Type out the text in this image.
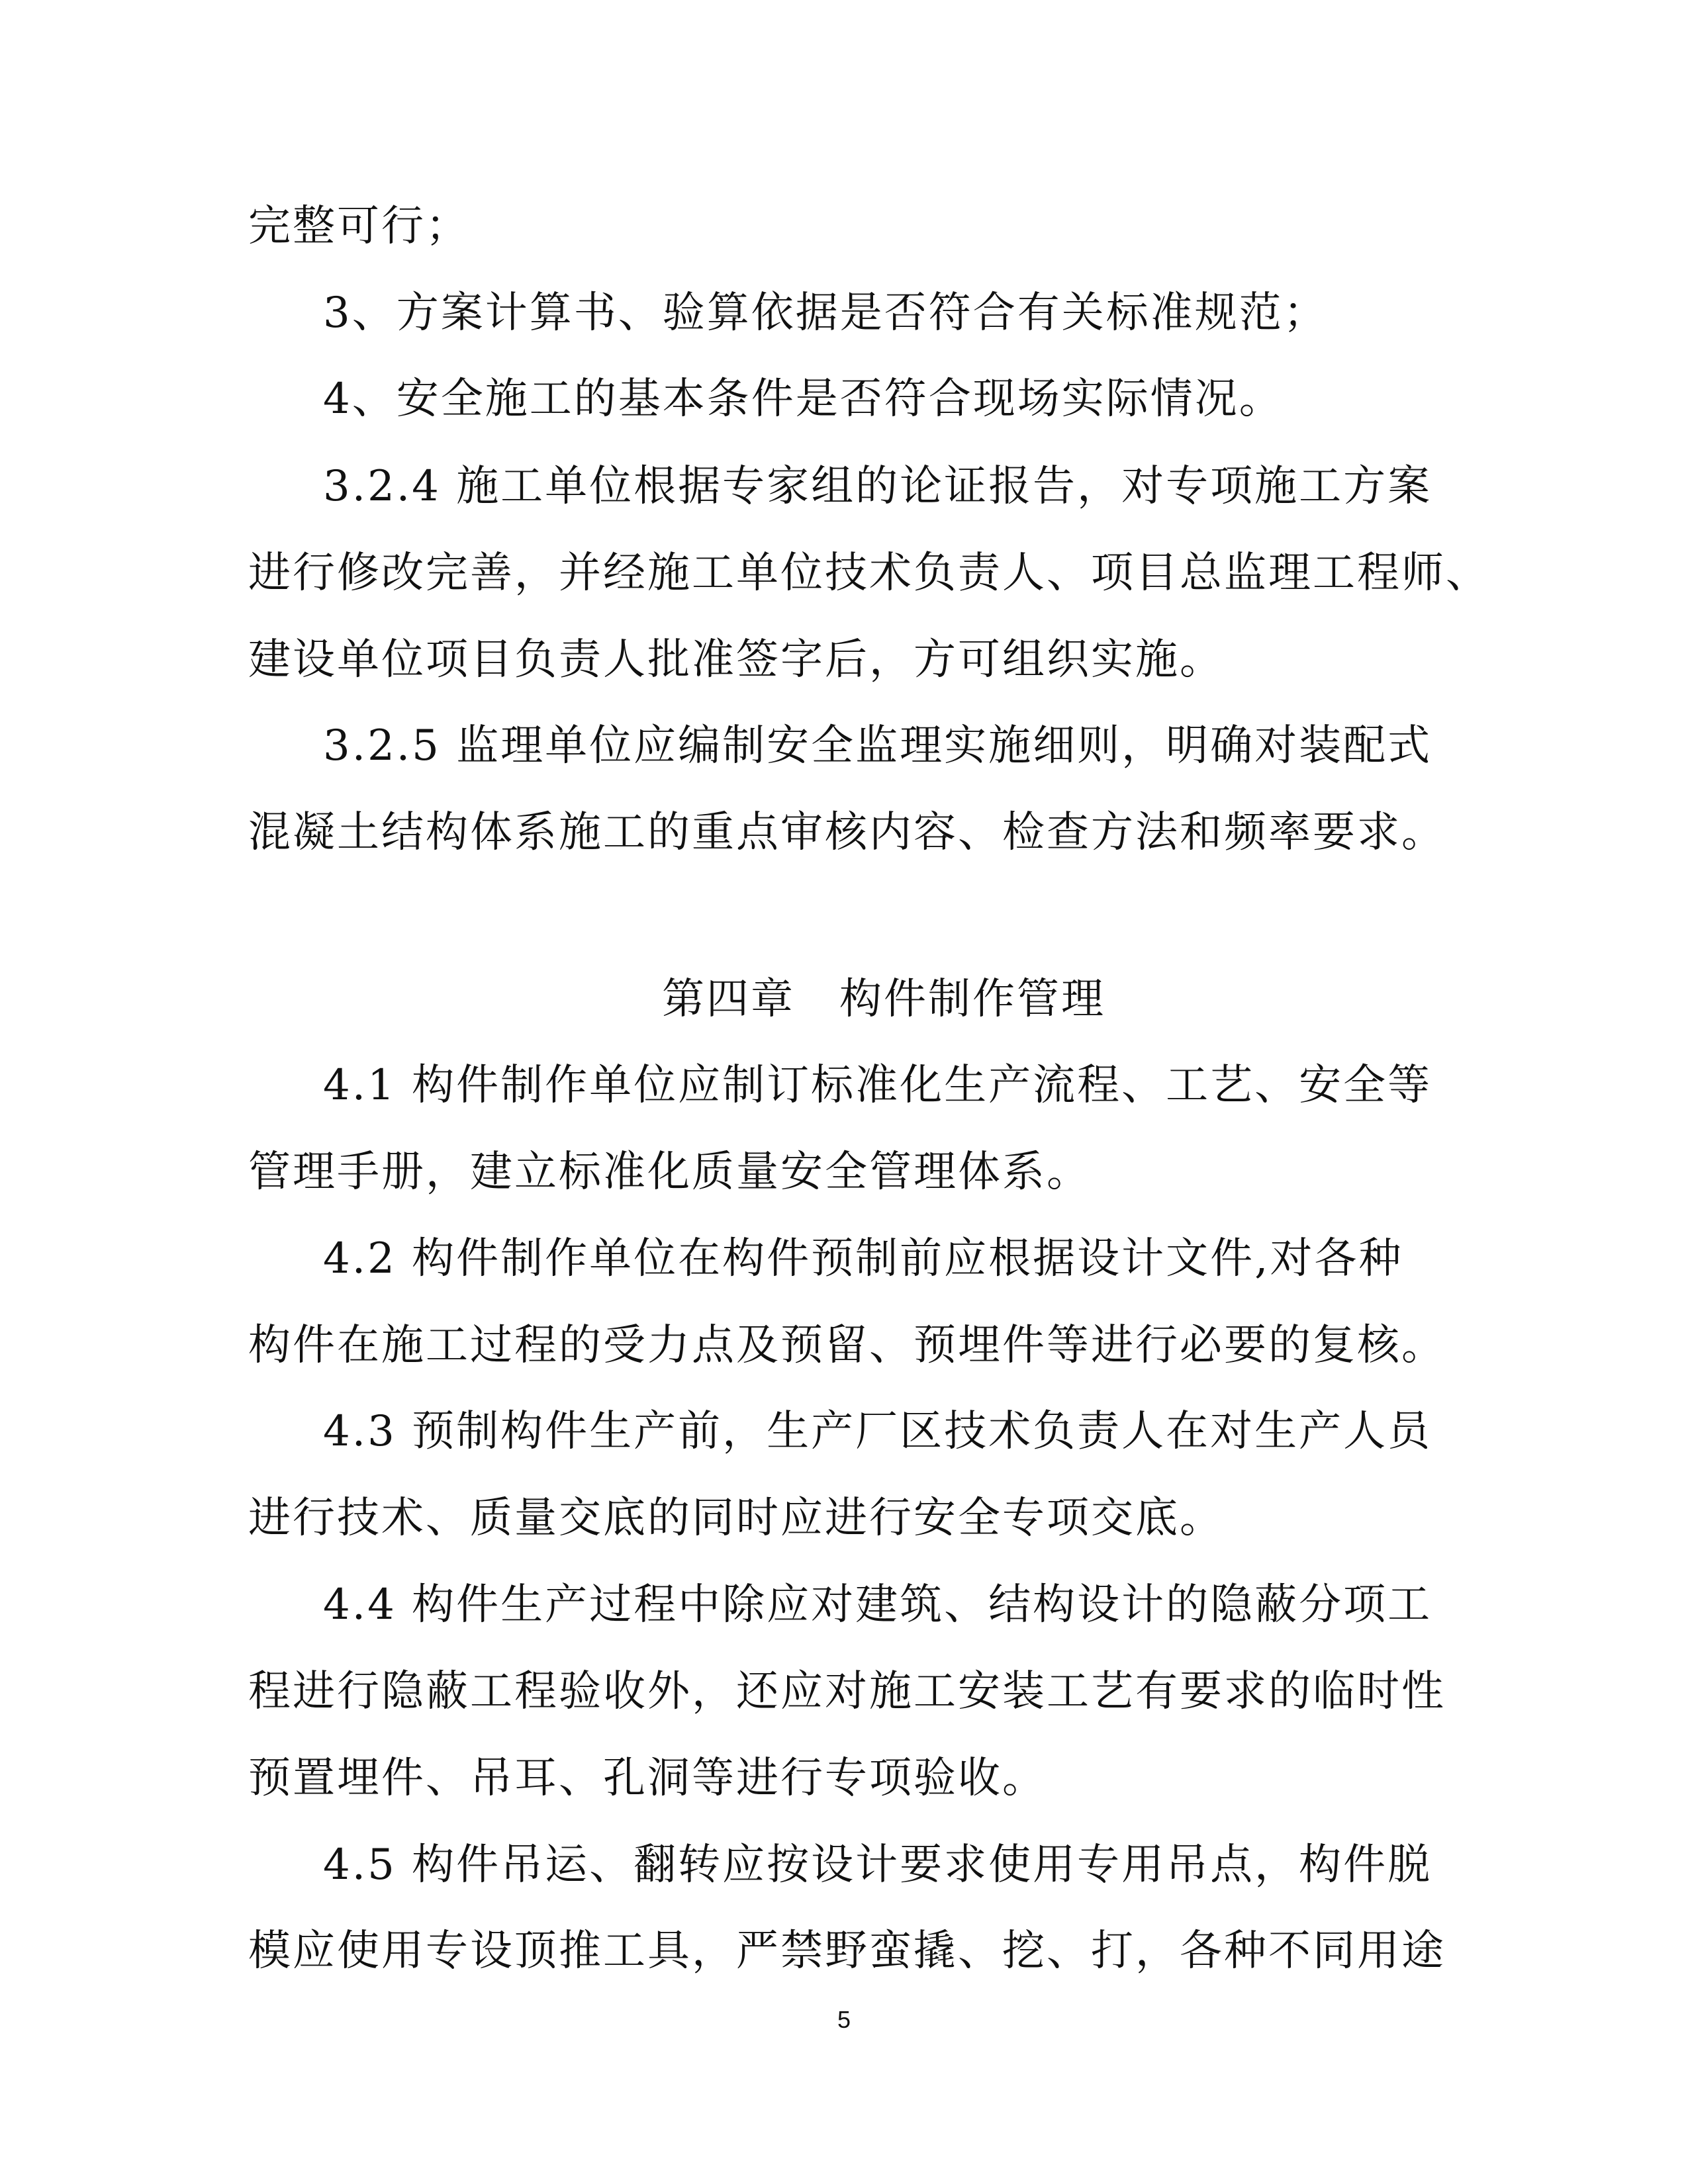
完整可行；
3、方案计算书、验算依据是否符合有关标准规范；
4、安全施工的基本条件是否符合现场实际情况。
3.2.4 施工单位根据专家组的论证报告，对专项施工方案
进行修改完善，并经施工单位技术负责人、项目总监理工程师、
建设单位项目负责人批准签字后，方可组织实施。
3.2.5 监理单位应编制安全监理实施细则，明确对装配式
混凝土结构体系施工的重点审核内容、检查方法和频率要求。
第四章　构件制作管理
4.1 构件制作单位应制订标准化生产流程、工艺、安全等
管理手册，建立标准化质量安全管理体系。
4.2 构件制作单位在构件预制前应根据设计文件,对各种
构件在施工过程的受力点及预留、预埋件等进行必要的复核。
4.3 预制构件生产前，生产厂区技术负责人在对生产人员
进行技术、质量交底的同时应进行安全专项交底。
4.4 构件生产过程中除应对建筑、结构设计的隐蔽分项工
程进行隐蔽工程验收外，还应对施工安装工艺有要求的临时性
预置埋件、吊耳、孔洞等进行专项验收。
4.5 构件吊运、翻转应按设计要求使用专用吊点，构件脱
模应使用专设顶推工具，严禁野蛮撬、挖、打，各种不同用途
5
